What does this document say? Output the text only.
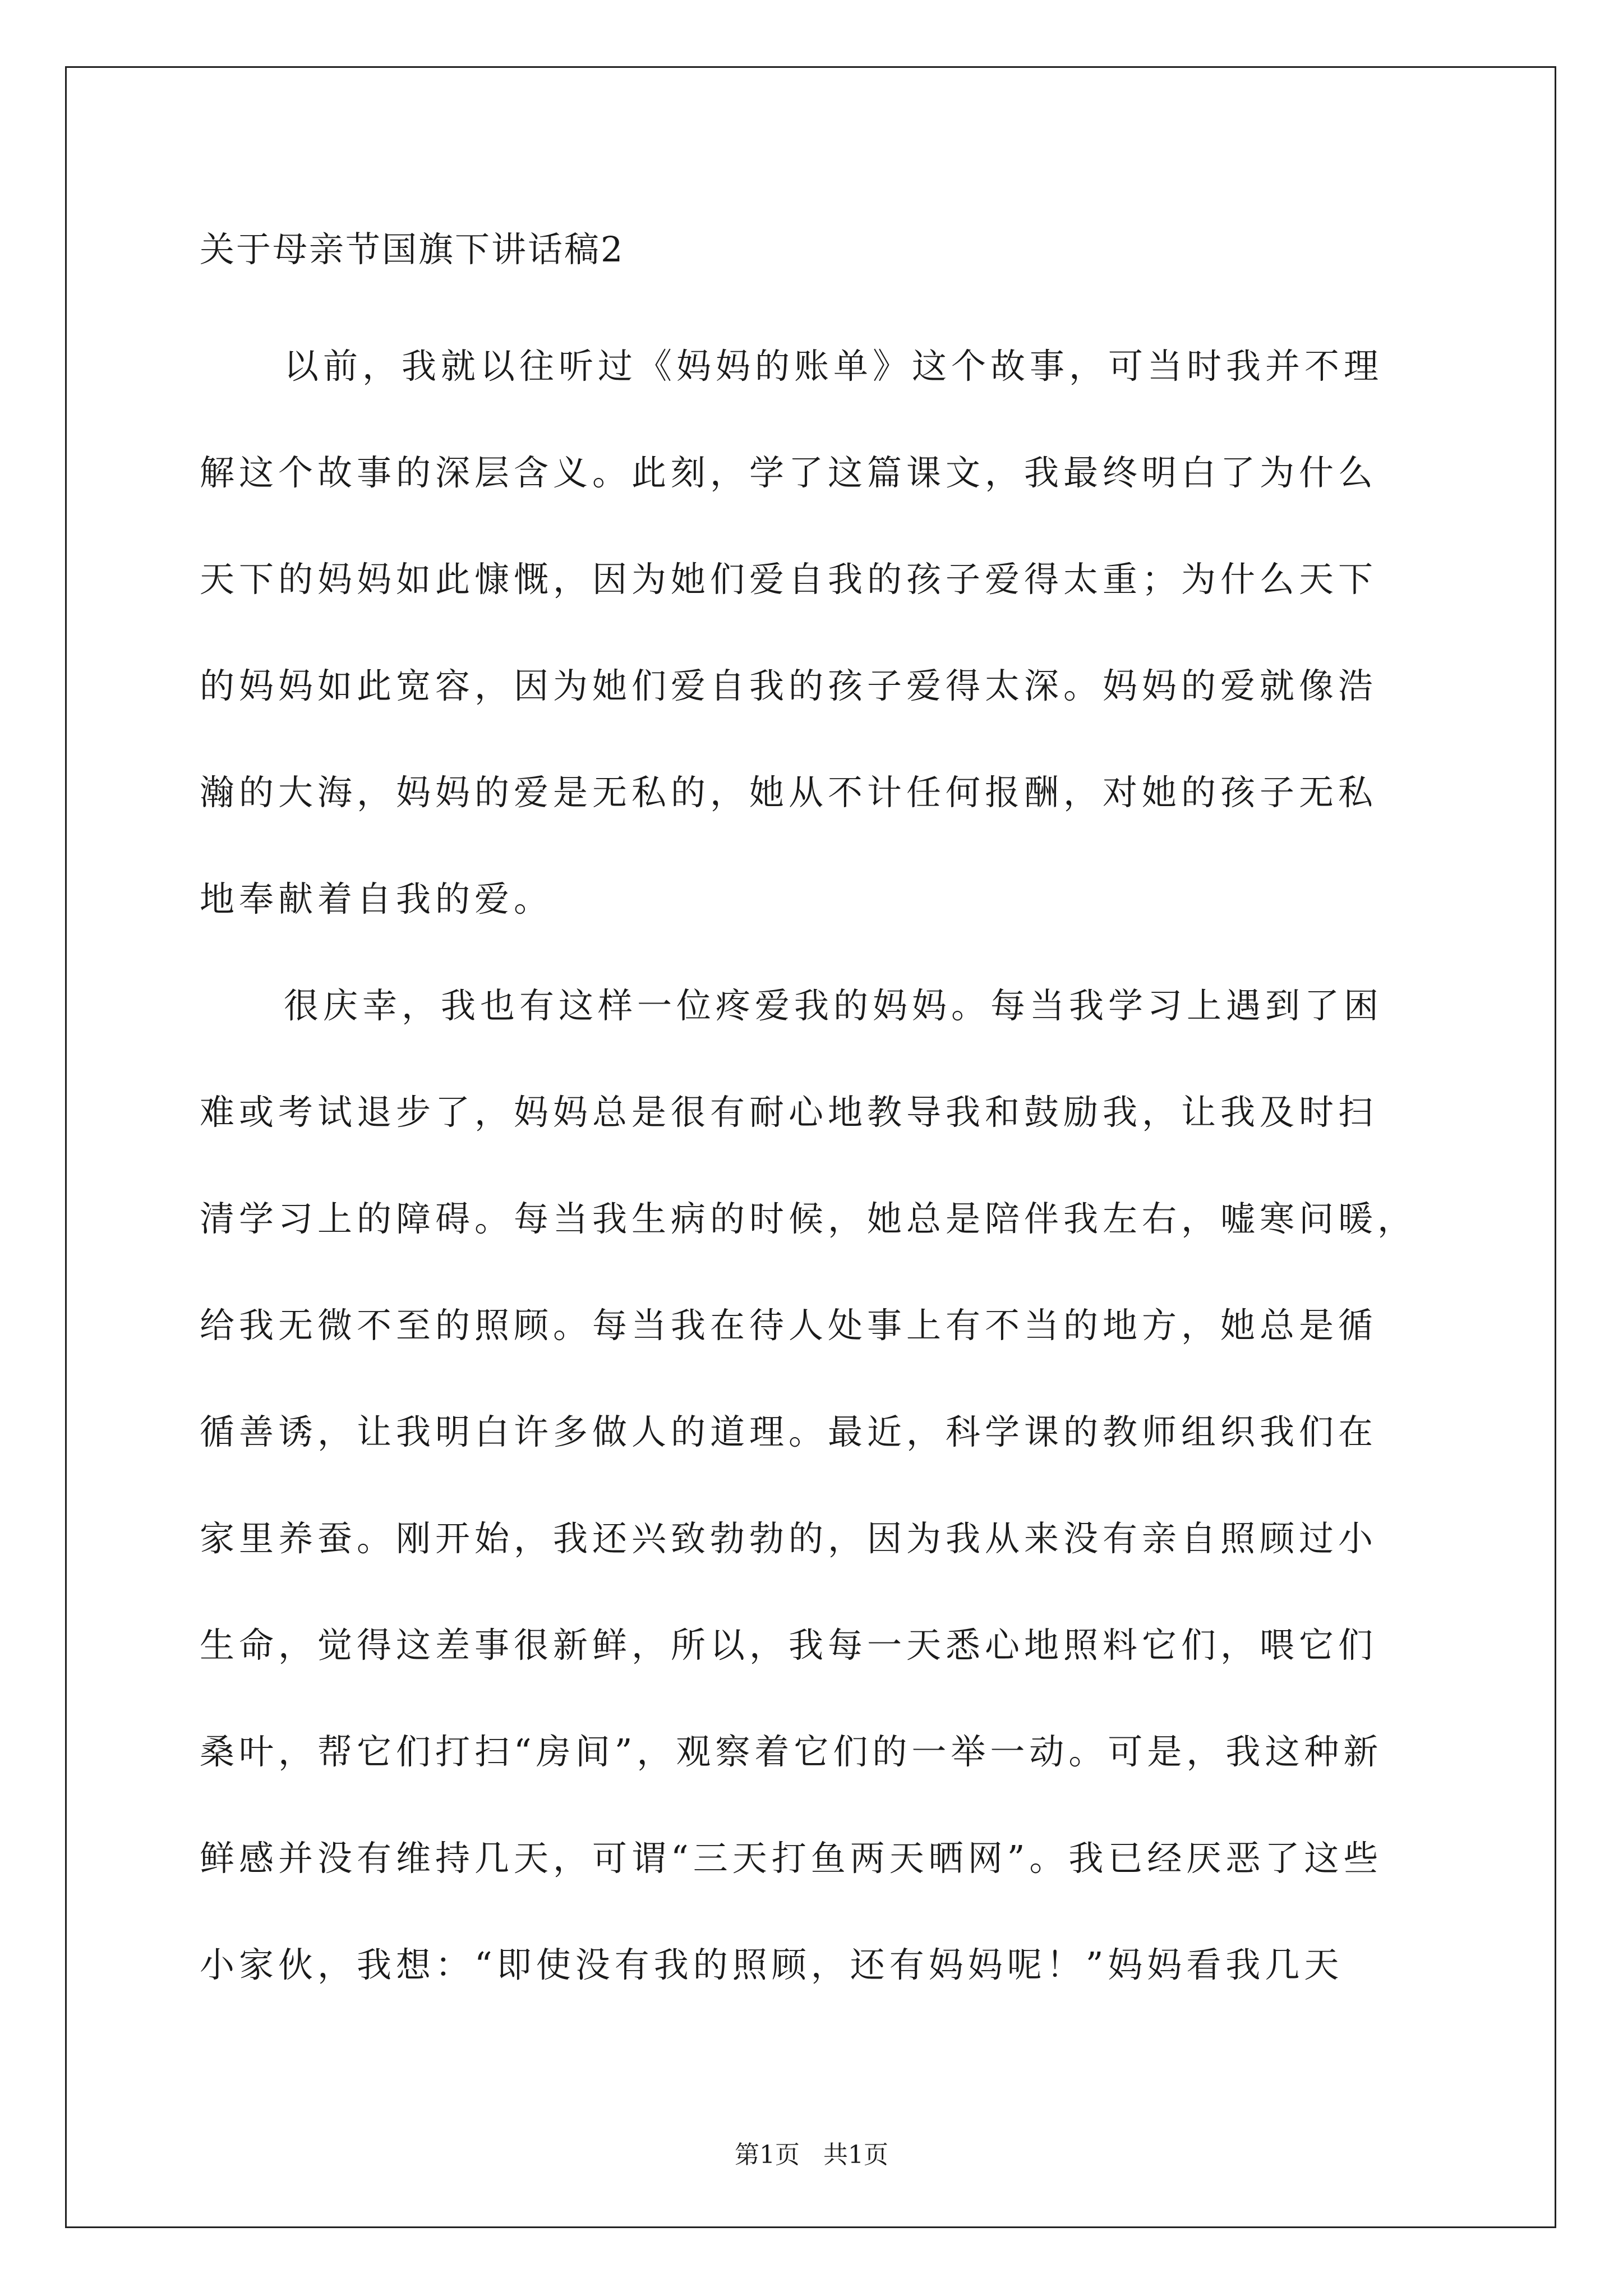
关于母亲节国旗下讲话稿2
以前，我就以往听过《妈妈的账单》这个故事，可当时我并不理
解这个故事的深层含义。此刻，学了这篇课文，我最终明白了为什么
天下的妈妈如此慷慨，因为她们爱自我的孩子爱得太重；为什么天下
的妈妈如此宽容，因为她们爱自我的孩子爱得太深。妈妈的爱就像浩
瀚的大海，妈妈的爱是无私的，她从不计任何报酬，对她的孩子无私
地奉献着自我的爱。
很庆幸，我也有这样一位疼爱我的妈妈。每当我学习上遇到了困
难或考试退步了，妈妈总是很有耐心地教导我和鼓励我，让我及时扫
清学习上的障碍。每当我生病的时候，她总是陪伴我左右，嘘寒问暖，
给我无微不至的照顾。每当我在待人处事上有不当的地方，她总是循
循善诱，让我明白许多做人的道理。最近，科学课的教师组织我们在
家里养蚕。刚开始，我还兴致勃勃的，因为我从来没有亲自照顾过小
生命，觉得这差事很新鲜，所以，我每一天悉心地照料它们，喂它们
桑叶，帮它们打扫“房间”，观察着它们的一举一动。可是，我这种新
鲜感并没有维持几天，可谓“三天打鱼两天晒网”。我已经厌恶了这些
小家伙，我想：“即使没有我的照顾，还有妈妈呢！”妈妈看我几天
第1页   共1页
